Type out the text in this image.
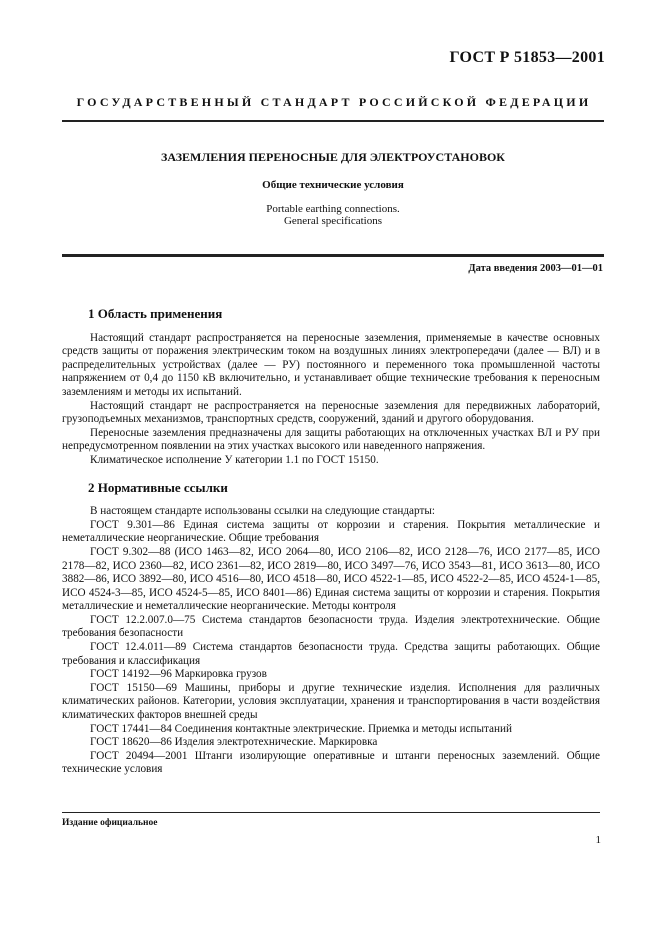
ГОСТ Р 51853—2001
ГОСУДАРСТВЕННЫЙ СТАНДАРТ РОССИЙСКОЙ ФЕДЕРАЦИИ
ЗАЗЕМЛЕНИЯ ПЕРЕНОСНЫЕ ДЛЯ ЭЛЕКТРОУСТАНОВОК
Общие технические условия
Portable earthing connections.
General specifications
Дата введения 2003—01—01
1 Область применения

Настоящий стандарт распространяется на переносные заземления, применяемые в качестве основных средств защиты от поражения электрическим током на воздушных линиях электропередачи (далее — ВЛ) и в распределительных устройствах (далее — РУ) постоянного и переменного тока промышленной частоты напряжением от 0,4 до 1150 кВ включительно, и устанавливает общие технические требования к переносным заземлениям и методы их испытаний.

Настоящий стандарт не распространяется на переносные заземления для передвижных лабораторий, грузоподъемных механизмов, транспортных средств, сооружений, зданий и другого оборудования.

Переносные заземления предназначены для защиты работающих на отключенных участках ВЛ и РУ при непредусмотренном появлении на этих участках высокого или наведенного напряжения.

Климатическое исполнение У категории 1.1 по ГОСТ 15150.

2 Нормативные ссылки

В настоящем стандарте использованы ссылки на следующие стандарты:

ГОСТ 9.301—86 Единая система защиты от коррозии и старения. Покрытия металлические и неметаллические неорганические. Общие требования

ГОСТ 9.302—88 (ИСО 1463—82, ИСО 2064—80, ИСО 2106—82, ИСО 2128—76, ИСО 2177—85, ИСО 2178—82, ИСО 2360—82, ИСО 2361—82, ИСО 2819—80, ИСО 3497—76, ИСО 3543—81, ИСО 3613—80, ИСО 3882—86, ИСО 3892—80, ИСО 4516—80, ИСО 4518—80, ИСО 4522-1—85, ИСО 4522-2—85, ИСО 4524-1—85, ИСО 4524-3—85, ИСО 4524-5—85, ИСО 8401—86) Единая система защиты от коррозии и старения. Покрытия металлические и неметаллические неорганические. Методы контроля

ГОСТ 12.2.007.0—75 Система стандартов безопасности труда. Изделия электротехнические. Общие требования безопасности

ГОСТ 12.4.011—89 Система стандартов безопасности труда. Средства защиты работающих. Общие требования и классификация

ГОСТ 14192—96 Маркировка грузов

ГОСТ 15150—69 Машины, приборы и другие технические изделия. Исполнения для различных климатических районов. Категории, условия эксплуатации, хранения и транспортирования в части воздействия климатических факторов внешней среды

ГОСТ 17441—84 Соединения контактные электрические. Приемка и методы испытаний

ГОСТ 18620—86 Изделия электротехнические. Маркировка

ГОСТ 20494—2001 Штанги изолирующие оперативные и штанги переносных заземлений. Общие технические условия

Издание официальное
1
